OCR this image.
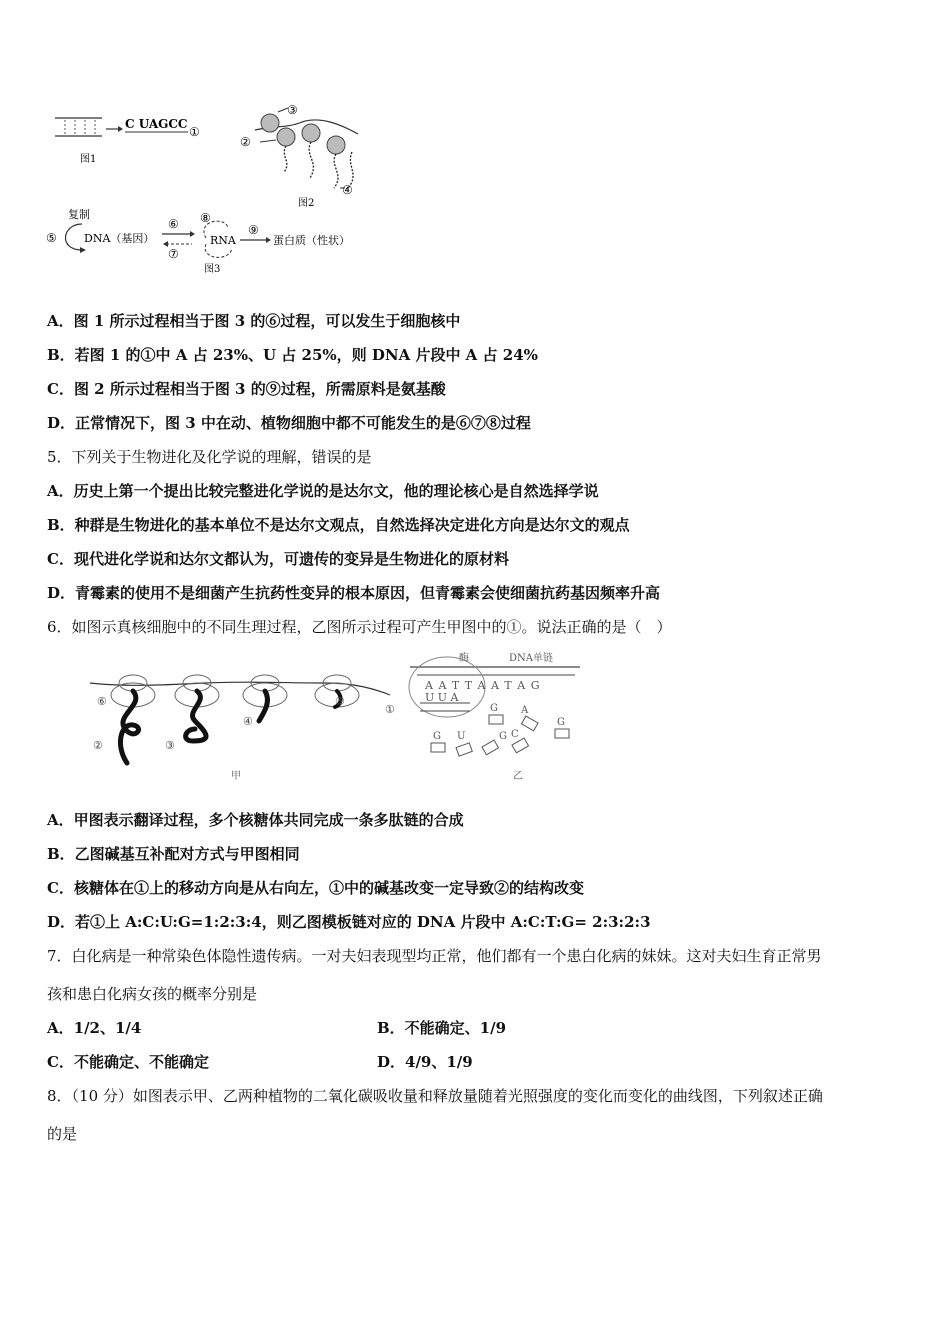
C UAGCC
①
图1
②
③
④
图2
复制
⑤ DNA（基因）
⑥
⑦
⑧
RNA
⑨
蛋白质（性状）
图3
A．图 1 所示过程相当于图 3 的⑥过程，可以发生于细胞核中
B．若图 1 的①中 A 占 23%、U 占 25%，则 DNA 片段中 A 占 24%
C．图 2 所示过程相当于图 3 的⑨过程，所需原料是氨基酸
D．正常情况下，图 3 中在动、植物细胞中都不可能发生的是⑥⑦⑧过程
5．下列关于生物进化及化学说的理解，错误的是
A．历史上第一个提出比较完整进化学说的是达尔文，他的理论核心是自然选择学说
B．种群是生物进化的基本单位不是达尔文观点，自然选择决定进化方向是达尔文的观点
C．现代进化学说和达尔文都认为，可遗传的变异是生物进化的原材料
D．青霉素的使用不是细菌产生抗药性变异的根本原因，但青霉素会使细菌抗药基因频率升高
6．如图示真核细胞中的不同生理过程，乙图所示过程可产生甲图中的①。说法正确的是（　）
⑥
②	③
④
⑤
①
甲
酶	DNA单链
A A T T A A T A G
U U A
G A
G
G U	G C
乙
A．甲图表示翻译过程，多个核糖体共同完成一条多肽链的合成
B．乙图碱基互补配对方式与甲图相同
C．核糖体在①上的移动方向是从右向左，①中的碱基改变一定导致②的结构改变
D．若①上 A:C:U:G=1:2:3:4，则乙图模板链对应的 DNA 片段中 A:C:T:G= 2:3:2:3
7．白化病是一种常染色体隐性遗传病。一对夫妇表现型均正常，他们都有一个患白化病的妹妹。这对夫妇生育正常男
孩和患白化病女孩的概率分别是
A．1/2、1/4	B．不能确定、1/9
C．不能确定、不能确定	D．4/9、1/9
8．（10 分）如图表示甲、乙两种植物的二氧化碳吸收量和释放量随着光照强度的变化而变化的曲线图，下列叙述正确
的是
